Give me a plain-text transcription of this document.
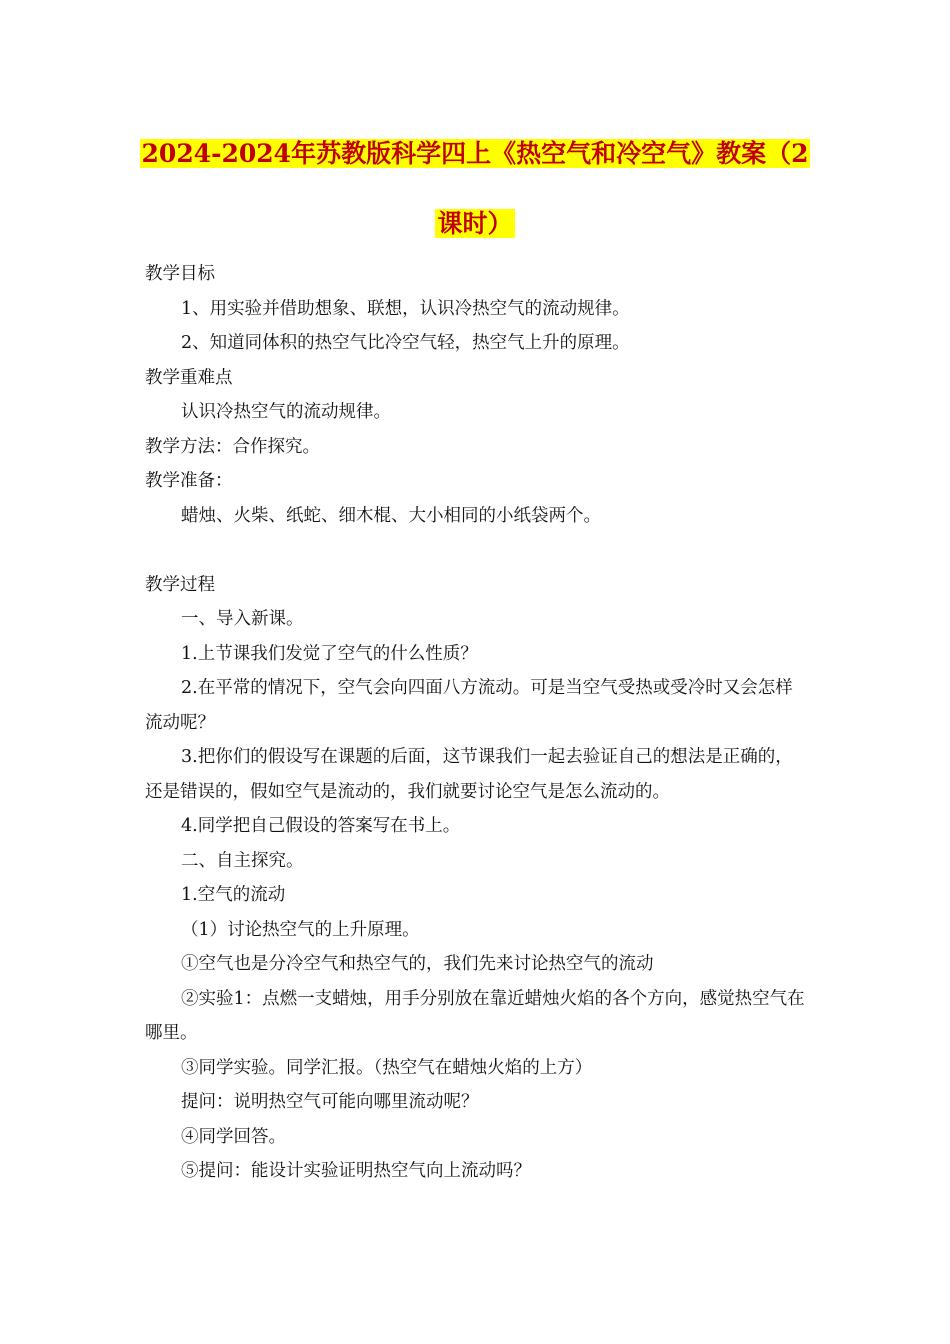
2024-2024年苏教版科学四上《热空气和冷空气》教案（2
课时）

教学目标

1、用实验并借助想象、联想，认识冷热空气的流动规律。

2、知道同体积的热空气比冷空气轻，热空气上升的原理。

教学重难点

认识冷热空气的流动规律。

教学方法：合作探究。

教学准备：

蜡烛、火柴、纸蛇、细木棍、大小相同的小纸袋两个。

教学过程

一、导入新课。

1.上节课我们发觉了空气的什么性质？

2.在平常的情况下，空气会向四面八方流动。可是当空气受热或受冷时又会怎样流动呢？

3.把你们的假设写在课题的后面，这节课我们一起去验证自己的想法是正确的，还是错误的，假如空气是流动的，我们就要讨论空气是怎么流动的。

4.同学把自己假设的答案写在书上。

二、自主探究。

1.空气的流动

（1）讨论热空气的上升原理。

①空气也是分冷空气和热空气的，我们先来讨论热空气的流动

②实验1：点燃一支蜡烛，用手分别放在靠近蜡烛火焰的各个方向，感觉热空气在哪里。

③同学实验。同学汇报。（热空气在蜡烛火焰的上方）

提问：说明热空气可能向哪里流动呢？

④同学回答。

⑤提问：能设计实验证明热空气向上流动吗？
